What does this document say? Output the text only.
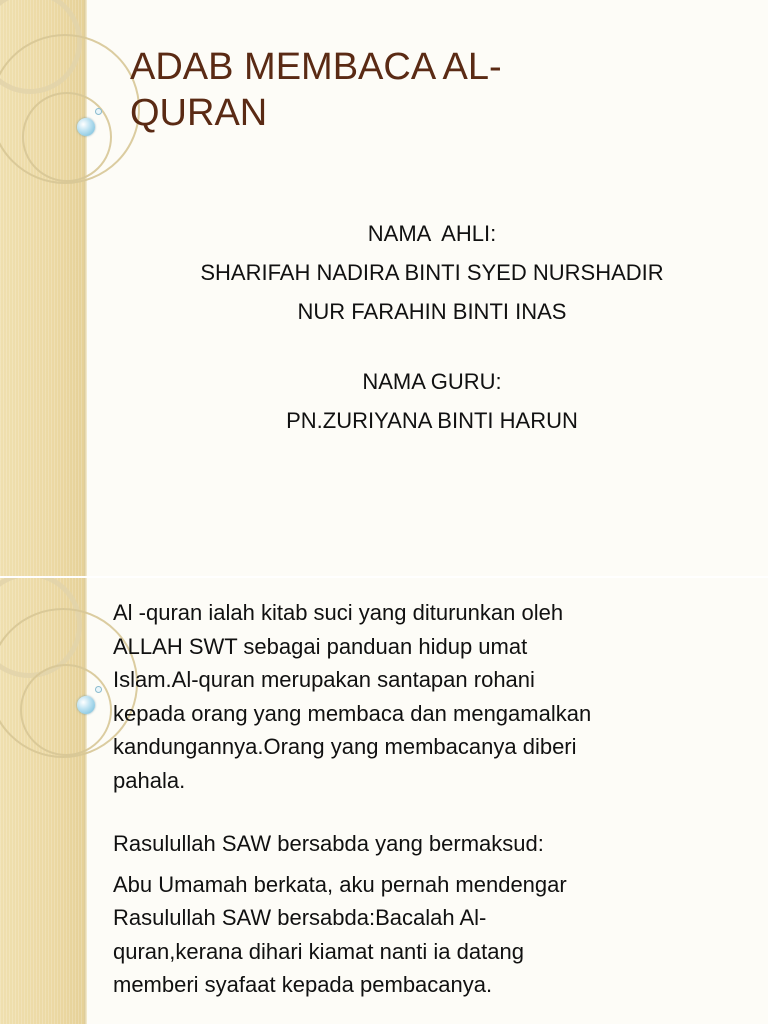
ADAB MEMBACA AL-
QURAN
NAMA  AHLI:
SHARIFAH NADIRA BINTI SYED NURSHADIR
NUR FARAHIN BINTI INAS
NAMA GURU:
PN.ZURIYANA BINTI HARUN

Al -quran ialah kitab suci yang diturunkan oleh
ALLAH SWT sebagai panduan hidup umat
Islam.Al-quran merupakan santapan rohani
kepada orang yang membaca dan mengamalkan
kandungannya.Orang yang membacanya diberi
pahala.

Rasulullah SAW bersabda yang bermaksud:

Abu Umamah berkata, aku pernah mendengar
Rasulullah SAW bersabda:Bacalah Al-
quran,kerana dihari kiamat nanti ia datang
memberi syafaat kepada pembacanya.
